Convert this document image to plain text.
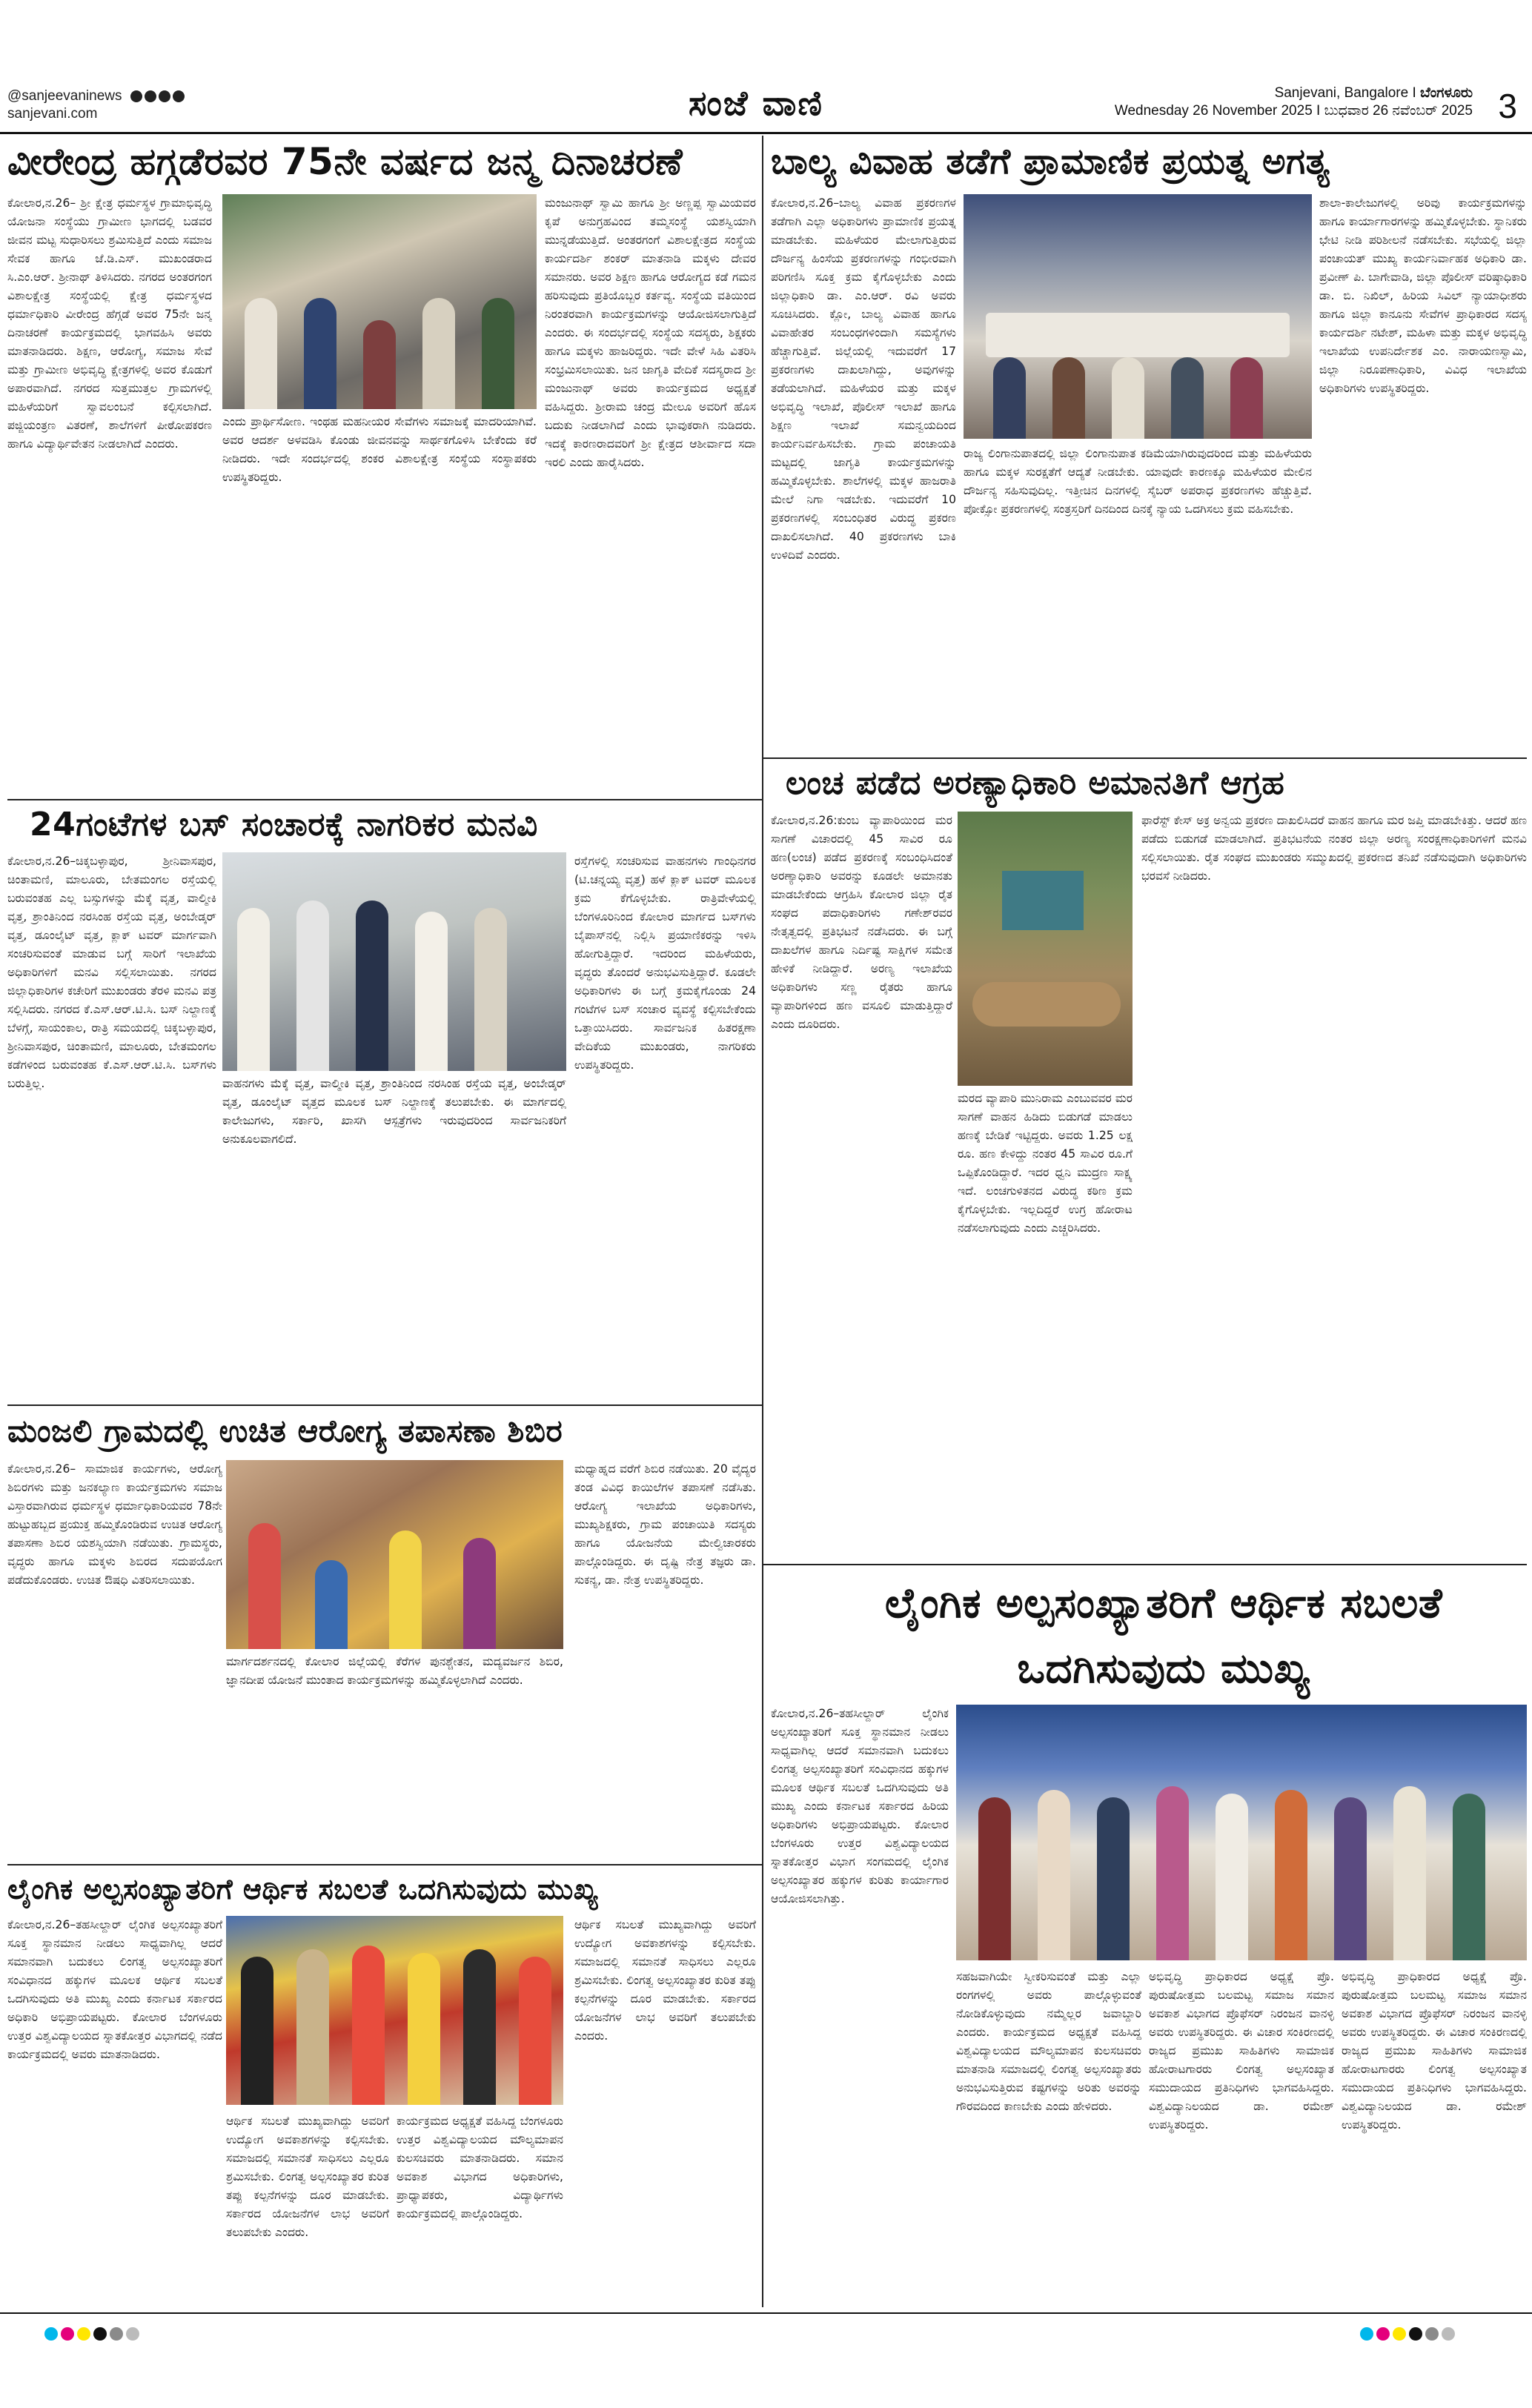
@sanjeevaninews
sanjevani.com	ಸಂಜೆ ವಾಣಿ	Sanjevani, Bangalore I ಬೆಂಗಳೂರು
Wednesday 26 November 2025 I ಬುಧವಾರ 26 ನವೆಂಬರ್ 2025 3
ವೀರೇಂದ್ರ ಹಗ್ಗಡೆರವರ 75ನೇ ವರ್ಷದ ಜನ್ಮ ದಿನಾಚರಣೆ
ಕೋಲಾರ,ನ.26– ಶ್ರೀ ಕ್ಷೇತ್ರ ಧರ್ಮಸ್ಥಳ ಗ್ರಾಮಾಭಿವೃದ್ಧಿ ಯೋಜನಾ ಸಂಸ್ಥೆಯು ಗ್ರಾಮೀಣ ಭಾಗದಲ್ಲಿ ಬಡವರ ಜೀವನ ಮಟ್ಟ ಸುಧಾರಿಸಲು ಶ್ರಮಿಸುತ್ತಿದೆ ಎಂದು ಸಮಾಜ ಸೇವಕ ಹಾಗೂ ಜೆ.ಡಿ.ಎಸ್. ಮುಖಂಡರಾದ ಸಿ.ಎಂ.ಆರ್. ಶ್ರೀನಾಥ್ ತಿಳಿಸಿದರು. ನಗರದ ಅಂತರಗಂಗ ವಿಶಾಲಕ್ಷೇತ್ರ ಸಂಸ್ಥೆಯಲ್ಲಿ ಕ್ಷೇತ್ರ ಧರ್ಮಸ್ಥಳದ ಧರ್ಮಾಧಿಕಾರಿ ವೀರೇಂದ್ರ ಹೆಗ್ಗಡೆ ಅವರ 75ನೇ ಜನ್ಮ ದಿನಾಚರಣೆ ಕಾರ್ಯಕ್ರಮದಲ್ಲಿ ಭಾಗವಹಿಸಿ ಅವರು ಮಾತನಾಡಿದರು. ಶಿಕ್ಷಣ, ಆರೋಗ್ಯ, ಸಮಾಜ ಸೇವೆ ಮತ್ತು ಗ್ರಾಮೀಣ ಅಭಿವೃದ್ಧಿ ಕ್ಷೇತ್ರಗಳಲ್ಲಿ ಅವರ ಕೊಡುಗೆ ಅಪಾರವಾಗಿದೆ. ನಗರದ ಸುತ್ತಮುತ್ತಲ ಗ್ರಾಮಗಳಲ್ಲಿ ಮಹಿಳೆಯರಿಗೆ ಸ್ವಾವಲಂಬನೆ ಕಲ್ಪಿಸಲಾಗಿದೆ. ಪಜ್ಜಿಯಂತ್ರಣ ವಿತರಣೆ, ಶಾಲೆಗಳಿಗೆ ಪೀಠೋಪಕರಣ ಹಾಗೂ ವಿದ್ಯಾರ್ಥಿವೇತನ ನೀಡಲಾಗಿದೆ ಎಂದರು.
ಎಂದು ಪ್ರಾರ್ಥಿಸೋಣ. ಇಂಥಹ ಮಹನೀಯರ ಸೇವೆಗಳು ಸಮಾಜಕ್ಕೆ ಮಾದರಿಯಾಗಿವೆ. ಅವರ ಆದರ್ಶ ಅಳವಡಿಸಿ ಕೊಂಡು ಜೀವನವನ್ನು ಸಾರ್ಥಕಗೊಳಿಸಿ ಬೇಕೆಂದು ಕರೆ ನೀಡಿದರು. ಇದೇ ಸಂದರ್ಭದಲ್ಲಿ ಶಂಕರ ವಿಶಾಲಕ್ಷೇತ್ರ ಸಂಸ್ಥೆಯ ಸಂಸ್ಥಾಪಕರು ಉಪಸ್ಥಿತರಿದ್ದರು.
ಮಂಜುನಾಥ್ ಸ್ವಾಮಿ ಹಾಗೂ ಶ್ರೀ ಅಣ್ಣಪ್ಪ ಸ್ವಾಮಿಯವರ ಕೃಪೆ ಅನುಗ್ರಹವಿಂದ ತಮ್ಮಸಂಸ್ಥೆ ಯಶಸ್ವಿಯಾಗಿ ಮುನ್ನಡೆಯುತ್ತಿದೆ. ಅಂತರಗಂಗೆ ವಿಶಾಲಕ್ಷೇತ್ರದ ಸಂಸ್ಥೆಯ ಕಾರ್ಯದರ್ಶಿ ಶಂಕರ್ ಮಾತನಾಡಿ ಮಕ್ಕಳು ದೇವರ ಸಮಾನರು. ಅವರ ಶಿಕ್ಷಣ ಹಾಗೂ ಆರೋಗ್ಯದ ಕಡೆ ಗಮನ ಹರಿಸುವುದು ಪ್ರತಿಯೊಬ್ಬರ ಕರ್ತವ್ಯ. ಸಂಸ್ಥೆಯ ವತಿಯಿಂದ ನಿರಂತರವಾಗಿ ಕಾರ್ಯಕ್ರಮಗಳನ್ನು ಆಯೋಜಿಸಲಾಗುತ್ತಿದೆ ಎಂದರು. ಈ ಸಂದರ್ಭದಲ್ಲಿ ಸಂಸ್ಥೆಯ ಸದಸ್ಯರು, ಶಿಕ್ಷಕರು ಹಾಗೂ ಮಕ್ಕಳು ಹಾಜರಿದ್ದರು. ಇದೇ ವೇಳೆ ಸಿಹಿ ವಿತರಿಸಿ ಸಂಭ್ರಮಿಸಲಾಯಿತು. ಜನ ಜಾಗೃತಿ ವೇದಿಕೆ ಸದಸ್ಯರಾದ ಶ್ರೀ ಮಂಜುನಾಥ್ ಅವರು ಕಾರ್ಯಕ್ರಮದ ಅಧ್ಯಕ್ಷತೆ ವಹಿಸಿದ್ದರು. ಶ್ರೀರಾಮ ಚಂದ್ರ ಮೇಲೂ ಅವರಿಗೆ ಹೊಸ ಬದುಕು ನೀಡಲಾಗಿದೆ ಎಂದು ಭಾವುಕರಾಗಿ ನುಡಿದರು. ಇದಕ್ಕೆ ಕಾರಣರಾದವರಿಗೆ ಶ್ರೀ ಕ್ಷೇತ್ರದ ಆಶೀರ್ವಾದ ಸದಾ ಇರಲಿ ಎಂದು ಹಾರೈಸಿದರು.
ಬಾಲ್ಯ ವಿವಾಹ ತಡೆಗೆ ಪ್ರಾಮಾಣಿಕ ಪ್ರಯತ್ನ ಅಗತ್ಯ
ಕೋಲಾರ,ನ.26–ಬಾಲ್ಯ ವಿವಾಹ ಪ್ರಕರಣಗಳ ತಡೆಗಾಗಿ ಎಲ್ಲಾ ಅಧಿಕಾರಿಗಳು ಪ್ರಾಮಾಣಿಕ ಪ್ರಯತ್ನ ಮಾಡಬೇಕು. ಮಹಿಳೆಯರ ಮೇಲಾಗುತ್ತಿರುವ ದೌರ್ಜನ್ಯ ಹಿಂಸೆಯ ಪ್ರಕರಣಗಳನ್ನು ಗಂಭೀರವಾಗಿ ಪರಿಗಣಿಸಿ ಸೂಕ್ತ ಕ್ರಮ ಕೈಗೊಳ್ಳಬೇಕು ಎಂದು ಜಿಲ್ಲಾಧಿಕಾರಿ ಡಾ. ಎಂ.ಆರ್. ರವಿ ಅವರು ಸೂಚಿಸಿದರು. ಕ್ಲೋ, ಬಾಲ್ಯ ವಿವಾಹ ಹಾಗೂ ವಿವಾಹೇತರ ಸಂಬಂಧಗಳಿಂದಾಗಿ ಸಮಸ್ಯೆಗಳು ಹೆಚ್ಚಾಗುತ್ತಿವೆ. ಜಿಲ್ಲೆಯಲ್ಲಿ ಇದುವರೆಗೆ 17 ಪ್ರಕರಣಗಳು ದಾಖಲಾಗಿದ್ದು, ಅವುಗಳನ್ನು ತಡೆಯಲಾಗಿದೆ. ಮಹಿಳೆಯರ ಮತ್ತು ಮಕ್ಕಳ ಅಭಿವೃದ್ಧಿ ಇಲಾಖೆ, ಪೊಲೀಸ್ ಇಲಾಖೆ ಹಾಗೂ ಶಿಕ್ಷಣ ಇಲಾಖೆ ಸಮನ್ವಯದಿಂದ ಕಾರ್ಯನಿರ್ವಹಿಸಬೇಕು. ಗ್ರಾಮ ಪಂಚಾಯತಿ ಮಟ್ಟದಲ್ಲಿ ಜಾಗೃತಿ ಕಾರ್ಯಕ್ರಮಗಳನ್ನು ಹಮ್ಮಿಕೊಳ್ಳಬೇಕು. ಶಾಲೆಗಳಲ್ಲಿ ಮಕ್ಕಳ ಹಾಜರಾತಿ ಮೇಲೆ ನಿಗಾ ಇಡಬೇಕು. ಇದುವರೆಗೆ 10 ಪ್ರಕರಣಗಳಲ್ಲಿ ಸಂಬಂಧಿತರ ವಿರುದ್ಧ ಪ್ರಕರಣ ದಾಖಲಿಸಲಾಗಿದೆ. 40 ಪ್ರಕರಣಗಳು ಬಾಕಿ ಉಳಿದಿವೆ ಎಂದರು.
ರಾಜ್ಯ ಲಿಂಗಾನುಪಾತದಲ್ಲಿ ಜಿಲ್ಲಾ ಲಿಂಗಾನುಪಾತ ಕಡಿಮೆಯಾಗಿರುವುದರಿಂದ ಮತ್ತು ಮಹಿಳೆಯರು ಹಾಗೂ ಮಕ್ಕಳ ಸುರಕ್ಷತೆಗೆ ಆದ್ಯತೆ ನೀಡಬೇಕು. ಯಾವುದೇ ಕಾರಣಕ್ಕೂ ಮಹಿಳೆಯರ ಮೇಲಿನ ದೌರ್ಜನ್ಯ ಸಹಿಸುವುದಿಲ್ಲ. ಇತ್ತೀಚಿನ ದಿನಗಳಲ್ಲಿ ಸೈಬರ್ ಅಪರಾಧ ಪ್ರಕರಣಗಳು ಹೆಚ್ಚುತ್ತಿವೆ. ಪೋಕ್ಸೋ ಪ್ರಕರಣಗಳಲ್ಲಿ ಸಂತ್ರಸ್ತರಿಗೆ ದಿನದಿಂದ ದಿನಕ್ಕೆ ನ್ಯಾಯ ಒದಗಿಸಲು ಕ್ರಮ ವಹಿಸಬೇಕು.
ಶಾಲಾ-ಕಾಲೇಜುಗಳಲ್ಲಿ ಅರಿವು ಕಾರ್ಯಕ್ರಮಗಳನ್ನು ಹಾಗೂ ಕಾರ್ಯಾಗಾರಗಳನ್ನು ಹಮ್ಮಿಕೊಳ್ಳಬೇಕು. ಸ್ಥಾನಿಕರು ಭೇಟಿ ನೀಡಿ ಪರಿಶೀಲನೆ ನಡೆಸಬೇಕು. ಸಭೆಯಲ್ಲಿ ಜಿಲ್ಲಾ ಪಂಚಾಯತ್ ಮುಖ್ಯ ಕಾರ್ಯನಿರ್ವಾಹಕ ಅಧಿಕಾರಿ ಡಾ. ಪ್ರವೀಣ್ ಪಿ. ಬಾಗೇವಾಡಿ, ಜಿಲ್ಲಾ ಪೊಲೀಸ್ ವರಿಷ್ಠಾಧಿಕಾರಿ ಡಾ. ಬಿ. ನಿಖಿಲ್, ಹಿರಿಯ ಸಿವಿಲ್ ನ್ಯಾಯಾಧೀಶರು ಹಾಗೂ ಜಿಲ್ಲಾ ಕಾನೂನು ಸೇವೆಗಳ ಪ್ರಾಧಿಕಾರದ ಸದಸ್ಯ ಕಾರ್ಯದರ್ಶಿ ನಟೇಶ್, ಮಹಿಳಾ ಮತ್ತು ಮಕ್ಕಳ ಅಭಿವೃದ್ಧಿ ಇಲಾಖೆಯ ಉಪನಿರ್ದೇಶಕ ಎಂ. ನಾರಾಯಣಸ್ವಾಮಿ, ಜಿಲ್ಲಾ ನಿರೂಪಣಾಧಿಕಾರಿ, ವಿವಿಧ ಇಲಾಖೆಯ ಅಧಿಕಾರಿಗಳು ಉಪಸ್ಥಿತರಿದ್ದರು.
24ಗಂಟೆಗಳ ಬಸ್ ಸಂಚಾರಕ್ಕೆ ನಾಗರಿಕರ ಮನವಿ
ಕೋಲಾರ,ನ.26–ಚಿಕ್ಕಬಳ್ಳಾಪುರ, ಶ್ರೀನಿವಾಸಪುರ, ಚಿಂತಾಮಣಿ, ಮಾಲೂರು, ಬೇತಮಂಗಲ ರಸ್ತೆಯಲ್ಲಿ ಬರುವಂತಹ ಎಲ್ಲ ಬಸ್ಸುಗಳನ್ನು ಮೆಕ್ಕೆ ವೃತ್ತ, ವಾಲ್ಮೀಕಿ ವೃತ್ತ, ಶ್ರಾಂತಿನಿಂದ ನರಸಿಂಹ ರಸ್ತೆಯ ವೃತ್ತ, ಅಂಬೇಡ್ಕರ್ ವೃತ್ತ, ಡೂಂಲೈಟ್ ವೃತ್ತ, ಕ್ಲಾಕ್ ಟವರ್ ಮಾರ್ಗವಾಗಿ ಸಂಚರಿಸುವಂತೆ ಮಾಡುವ ಬಗ್ಗೆ ಸಾರಿಗೆ ಇಲಾಖೆಯ ಅಧಿಕಾರಿಗಳಿಗೆ ಮನವಿ ಸಲ್ಲಿಸಲಾಯಿತು. ನಗರದ ಜಿಲ್ಲಾಧಿಕಾರಿಗಳ ಕಚೇರಿಗೆ ಮುಖಂಡರು ತೆರಳಿ ಮನವಿ ಪತ್ರ ಸಲ್ಲಿಸಿದರು. ನಗರದ ಕೆ.ಎಸ್.ಆರ್.ಟಿ.ಸಿ. ಬಸ್ ನಿಲ್ದಾಣಕ್ಕೆ ಬೆಳಗ್ಗೆ, ಸಾಯಂಕಾಲ, ರಾತ್ರಿ ಸಮಯದಲ್ಲಿ ಚಿಕ್ಕಬಳ್ಳಾಪುರ, ಶ್ರೀನಿವಾಸಪುರ, ಚಿಂತಾಮಣಿ, ಮಾಲೂರು, ಬೇತಮಂಗಲ ಕಡೆಗಳಿಂದ ಬರುವಂತಹ ಕೆ.ಎಸ್.ಆರ್.ಟಿ.ಸಿ. ಬಸ್‌ಗಳು ಬರುತ್ತಿಲ್ಲ.	ವಾಹನಗಳು ಮೆಕ್ಕೆ ವೃತ್ತ, ವಾಲ್ಮೀಕಿ ವೃತ್ತ, ಶ್ರಾಂತಿನಿಂದ ನರಸಿಂಹ ರಸ್ತೆಯ ವೃತ್ತ, ಅಂಬೇಡ್ಕರ್ ವೃತ್ತ, ಡೂಂಲೈಟ್ ವೃತ್ತದ ಮೂಲಕ ಬಸ್ ನಿಲ್ದಾಣಕ್ಕೆ ತಲುಪಬೇಕು. ಈ ಮಾರ್ಗದಲ್ಲಿ ಕಾಲೇಜುಗಳು, ಸರ್ಕಾರಿ, ಖಾಸಗಿ ಆಸ್ಪತ್ರೆಗಳು ಇರುವುದರಿಂದ ಸಾರ್ವಜನಿಕರಿಗೆ ಅನುಕೂಲವಾಗಲಿದೆ.
ರಸ್ತೆಗಳಲ್ಲಿ ಸಂಚರಿಸುವ ವಾಹನಗಳು ಗಾಂಧಿನಗರ (ಟಿ.ಚನ್ನಯ್ಯ ವೃತ್ತ) ಹಳೆ ಕ್ಲಾಕ್ ಟವರ್ ಮೂಲಕ ಕ್ರಮ ಕೆಗೊಳ್ಳಬೇಕು. ರಾತ್ರಿವೇಳೆಯಲ್ಲಿ ಬೆಂಗಳೂರಿನಿಂದ ಕೋಲಾರ ಮಾರ್ಗದ ಬಸ್‌ಗಳು ಬೈಪಾಸ್‌ನಲ್ಲಿ ನಿಲ್ಲಿಸಿ ಪ್ರಯಾಣಿಕರನ್ನು ಇಳಿಸಿ ಹೋಗುತ್ತಿದ್ದಾರೆ. ಇದರಿಂದ ಮಹಿಳೆಯರು, ವೃದ್ಧರು ತೊಂದರೆ ಅನುಭವಿಸುತ್ತಿದ್ದಾರೆ. ಕೂಡಲೇ ಅಧಿಕಾರಿಗಳು ಈ ಬಗ್ಗೆ ಕ್ರಮಕೈಗೊಂಡು 24 ಗಂಟೆಗಳ ಬಸ್ ಸಂಚಾರ ವ್ಯವಸ್ಥೆ ಕಲ್ಪಿಸಬೇಕೆಂದು ಒತ್ತಾಯಿಸಿದರು. ಸಾರ್ವಜನಿಕ ಹಿತರಕ್ಷಣಾ ವೇದಿಕೆಯ ಮುಖಂಡರು, ನಾಗರಿಕರು ಉಪಸ್ಥಿತರಿದ್ದರು.
ಲಂಚ ಪಡೆದ ಅರಣ್ಯಾಧಿಕಾರಿ ಅಮಾನತಿಗೆ ಆಗ್ರಹ
ಕೋಲಾರ,ನ.26:ಕುಂಬ ವ್ಯಾಪಾರಿಯಿಂದ ಮರ ಸಾಗಣೆ ವಿಚಾರದಲ್ಲಿ 45 ಸಾವಿರ ರೂ ಹಣ(ಲಂಚ) ಪಡೆದ ಪ್ರಕರಣಕ್ಕೆ ಸಂಬಂಧಿಸಿದಂತೆ ಅರಣ್ಯಾಧಿಕಾರಿ ಅವರನ್ನು ಕೂಡಲೇ ಅಮಾನತು ಮಾಡಬೇಕೆಂದು ಆಗ್ರಹಿಸಿ ಕೋಲಾರ ಜಿಲ್ಲಾ ರೈತ ಸಂಘದ ಪದಾಧಿಕಾರಿಗಳು ಗಣೇಶ್‌ರವರ ನೇತೃತ್ವದಲ್ಲಿ ಪ್ರತಿಭಟನೆ ನಡೆಸಿದರು. ಈ ಬಗ್ಗೆ ದಾಖಲೆಗಳ ಹಾಗೂ ನಿರ್ದಿಷ್ಟ ಸಾಕ್ಷಿಗಳ ಸಮೇತ ಹೇಳಿಕೆ ನೀಡಿದ್ದಾರೆ. ಅರಣ್ಯ ಇಲಾಖೆಯ ಅಧಿಕಾರಿಗಳು ಸಣ್ಣ ರೈತರು ಹಾಗೂ ವ್ಯಾಪಾರಿಗಳಿಂದ ಹಣ ವಸೂಲಿ ಮಾಡುತ್ತಿದ್ದಾರೆ ಎಂದು ದೂರಿದರು.
ಮರದ ವ್ಯಾಪಾರಿ ಮುನಿರಾಮ ಎಂಬುವವರ ಮರ ಸಾಗಣೆ ವಾಹನ ಹಿಡಿದು ಬಿಡುಗಡೆ ಮಾಡಲು ಹಣಕ್ಕೆ ಬೇಡಿಕೆ ಇಟ್ಟಿದ್ದರು. ಅವರು 1.25 ಲಕ್ಷ ರೂ. ಹಣ ಕೇಳಿದ್ದು ನಂತರ 45 ಸಾವಿರ ರೂ.ಗೆ ಒಪ್ಪಿಕೊಂಡಿದ್ದಾರೆ. ಇದರ ಧ್ವನಿ ಮುದ್ರಣ ಸಾಕ್ಷ್ಯ ಇದೆ. ಲಂಚಗುಳಿತನದ ವಿರುದ್ಧ ಕಠಿಣ ಕ್ರಮ ಕೈಗೊಳ್ಳಬೇಕು. ಇಲ್ಲದಿದ್ದರೆ ಉಗ್ರ ಹೋರಾಟ ನಡೆಸಲಾಗುವುದು ಎಂದು ಎಚ್ಚರಿಸಿದರು.
ಫಾರೆಸ್ಟ್ ಕೇಸ್ ಅಕ್ರ ಅನ್ವಯ ಪ್ರಕರಣ ದಾಖಲಿಸಿದರೆ ವಾಹನ ಹಾಗೂ ಮರ ಜಪ್ತಿ ಮಾಡಬೇಕಿತ್ತು. ಆದರೆ ಹಣ ಪಡೆದು ಬಿಡುಗಡೆ ಮಾಡಲಾಗಿದೆ. ಪ್ರತಿಭಟನೆಯ ನಂತರ ಜಿಲ್ಲಾ ಅರಣ್ಯ ಸಂರಕ್ಷಣಾಧಿಕಾರಿಗಳಿಗೆ ಮನವಿ ಸಲ್ಲಿಸಲಾಯಿತು. ರೈತ ಸಂಘದ ಮುಖಂಡರು ಸಮ್ಮುಖದಲ್ಲಿ ಪ್ರಕರಣದ ತನಿಖೆ ನಡೆಸುವುದಾಗಿ ಅಧಿಕಾರಿಗಳು ಭರವಸೆ ನೀಡಿದರು.
ಮಂಜಲಿ ಗ್ರಾಮದಲ್ಲಿ ಉಚಿತ ಆರೋಗ್ಯ ತಪಾಸಣಾ ಶಿಬಿರ
ಕೋಲಾರ,ನ.26– ಸಾಮಾಜಿಕ ಕಾರ್ಯಗಳು, ಆರೋಗ್ಯ ಶಿಬಿರಗಳು ಮತ್ತು ಜನಕಲ್ಯಾಣ ಕಾರ್ಯಕ್ರಮಗಳು ಸಮಾಜ ವಿಸ್ತಾರವಾಗಿರುವ ಧರ್ಮಸ್ಥಳ ಧರ್ಮಾಧಿಕಾರಿಯವರ 78ನೇ ಹುಟ್ಟುಹಬ್ಬದ ಪ್ರಯುಕ್ತ ಹಮ್ಮಿಕೊಂಡಿರುವ ಉಚಿತ ಆರೋಗ್ಯ ತಪಾಸಣಾ ಶಿಬಿರ ಯಶಸ್ವಿಯಾಗಿ ನಡೆಯಿತು. ಗ್ರಾಮಸ್ಥರು, ವೃದ್ಧರು ಹಾಗೂ ಮಕ್ಕಳು ಶಿಬಿರದ ಸದುಪಯೋಗ ಪಡೆದುಕೊಂಡರು. ಉಚಿತ ಔಷಧಿ ವಿತರಿಸಲಾಯಿತು.
ಮಾರ್ಗದರ್ಶನದಲ್ಲಿ ಕೋಲಾರ ಜಿಲ್ಲೆಯಲ್ಲಿ ಕೆರೆಗಳ ಪುನಶ್ಚೇತನ, ಮದ್ಯವರ್ಜನ ಶಿಬಿರ, ಜ್ಞಾನದೀಪ ಯೋಜನೆ ಮುಂತಾದ ಕಾರ್ಯಕ್ರಮಗಳನ್ನು ಹಮ್ಮಿಕೊಳ್ಳಲಾಗಿದೆ ಎಂದರು.
ಮಧ್ಯಾಹ್ನದ ವರೆಗೆ ಶಿಬಿರ ನಡೆಯಿತು. 20 ವೈದ್ಯರ ತಂಡ ವಿವಿಧ ಕಾಯಿಲೆಗಳ ತಪಾಸಣೆ ನಡೆಸಿತು. ಆರೋಗ್ಯ ಇಲಾಖೆಯ ಅಧಿಕಾರಿಗಳು, ಮುಖ್ಯಶಿಕ್ಷಕರು, ಗ್ರಾಮ ಪಂಚಾಯಿತಿ ಸದಸ್ಯರು ಹಾಗೂ ಯೋಜನೆಯ ಮೇಲ್ವಿಚಾರಕರು ಪಾಲ್ಗೊಂಡಿದ್ದರು. ಈ ದೃಷ್ಟಿ ನೇತ್ರ ತಜ್ಞರು ಡಾ. ಸುಕನ್ಯ, ಡಾ. ನೇತ್ರ ಉಪಸ್ಥಿತರಿದ್ದರು.	ಲೈಂಗಿಕ ಅಲ್ಪಸಂಖ್ಯಾತರಿಗೆ ಆರ್ಥಿಕ ಸಬಲತೆ ಒದಗಿಸುವುದು ಮುಖ್ಯ
ಕೋಲಾರ,ನ.26–ತಹಸೀಲ್ದಾರ್ ಲೈಂಗಿಕ ಅಲ್ಪಸಂಖ್ಯಾತರಿಗೆ ಸೂಕ್ತ ಸ್ಥಾನಮಾನ ನೀಡಲು ಸಾಧ್ಯವಾಗಿಲ್ಲ ಆದರೆ ಸಮಾನವಾಗಿ ಬದುಕಲು ಲಿಂಗತ್ವ ಅಲ್ಪಸಂಖ್ಯಾತರಿಗೆ ಸಂವಿಧಾನದ ಹಕ್ಕುಗಳ ಮೂಲಕ ಆರ್ಥಿಕ ಸಬಲತೆ ಒದಗಿಸುವುದು ಅತಿ ಮುಖ್ಯ ಎಂದು ಕರ್ನಾಟಕ ಸರ್ಕಾರದ ಹಿರಿಯ ಅಧಿಕಾರಿಗಳು ಅಭಿಪ್ರಾಯಪಟ್ಟರು. ಕೋಲಾರ ಬೆಂಗಳೂರು ಉತ್ತರ ವಿಶ್ವವಿದ್ಯಾಲಯದ ಸ್ನಾತಕೋತ್ತರ ವಿಭಾಗ ಸಂಗಮದಲ್ಲಿ ಲೈಂಗಿಕ ಅಲ್ಪಸಂಖ್ಯಾತರ ಹಕ್ಕುಗಳ ಕುರಿತು ಕಾರ್ಯಾಗಾರ ಆಯೋಜಿಸಲಾಗಿತ್ತು.
ಸಹಜವಾಗಿಯೇ ಸ್ವೀಕರಿಸುವಂತೆ ಮತ್ತು ಎಲ್ಲಾ ರಂಗಗಳಲ್ಲಿ ಅವರು ಪಾಲ್ಗೊಳ್ಳುವಂತೆ ನೋಡಿಕೊಳ್ಳುವುದು ನಮ್ಮೆಲ್ಲರ ಜವಾಬ್ದಾರಿ ಎಂದರು. ಕಾರ್ಯಕ್ರಮದ ಅಧ್ಯಕ್ಷತೆ ವಹಿಸಿದ್ದ ವಿಶ್ವವಿದ್ಯಾಲಯದ ಮೌಲ್ಯಮಾಪನ ಕುಲಸಚಿವರು ಮಾತನಾಡಿ ಸಮಾಜದಲ್ಲಿ ಲಿಂಗತ್ವ ಅಲ್ಪಸಂಖ್ಯಾತರು ಅನುಭವಿಸುತ್ತಿರುವ ಕಷ್ಟಗಳನ್ನು ಅರಿತು ಅವರನ್ನು ಗೌರವದಿಂದ ಕಾಣಬೇಕು ಎಂದು ಹೇಳಿದರು.
ಅಭಿವೃದ್ಧಿ ಪ್ರಾಧಿಕಾರದ ಅಧ್ಯಕ್ಷೆ ಪ್ರೊ. ಪುರುಷೋತ್ತಮ ಬಲಮಟ್ಟ ಸಮಾಜ ಸಮಾನ ಅವಕಾಶ ವಿಭಾಗದ ಪ್ರೊಫೆಸರ್ ನಿರಂಜನ ವಾನಳ್ಳಿ ಅವರು ಉಪಸ್ಥಿತರಿದ್ದರು. ಈ ವಿಚಾರ ಸಂಕಿರಣದಲ್ಲಿ ರಾಜ್ಯದ ಪ್ರಮುಖ ಸಾಹಿತಿಗಳು ಸಾಮಾಜಿಕ ಹೋರಾಟಗಾರರು ಲಿಂಗತ್ವ ಅಲ್ಪಸಂಖ್ಯಾತ ಸಮುದಾಯದ ಪ್ರತಿನಿಧಿಗಳು ಭಾಗವಹಿಸಿದ್ದರು. ವಿಶ್ವವಿದ್ಯಾನಿಲಯದ ಡಾ. ರಮೇಶ್ ಉಪಸ್ಥಿತರಿದ್ದರು.
ಅಭಿವೃದ್ಧಿ ಪ್ರಾಧಿಕಾರದ ಅಧ್ಯಕ್ಷೆ ಪ್ರೊ. ಪುರುಷೋತ್ತಮ ಬಲಮಟ್ಟ ಸಮಾಜ ಸಮಾನ ಅವಕಾಶ ವಿಭಾಗದ ಪ್ರೊಫೆಸರ್ ನಿರಂಜನ ವಾನಳ್ಳಿ ಅವರು ಉಪಸ್ಥಿತರಿದ್ದರು. ಈ ವಿಚಾರ ಸಂಕಿರಣದಲ್ಲಿ ರಾಜ್ಯದ ಪ್ರಮುಖ ಸಾಹಿತಿಗಳು ಸಾಮಾಜಿಕ ಹೋರಾಟಗಾರರು ಲಿಂಗತ್ವ ಅಲ್ಪಸಂಖ್ಯಾತ ಸಮುದಾಯದ ಪ್ರತಿನಿಧಿಗಳು ಭಾಗವಹಿಸಿದ್ದರು. ವಿಶ್ವವಿದ್ಯಾನಿಲಯದ ಡಾ. ರಮೇಶ್ ಉಪಸ್ಥಿತರಿದ್ದರು.
ಲೈಂಗಿಕ ಅಲ್ಪಸಂಖ್ಯಾತರಿಗೆ ಆರ್ಥಿಕ ಸಬಲತೆ ಒದಗಿಸುವುದು ಮುಖ್ಯ
ಕೋಲಾರ,ನ.26–ತಹಸೀಲ್ದಾರ್ ಲೈಂಗಿಕ ಅಲ್ಪಸಂಖ್ಯಾತರಿಗೆ ಸೂಕ್ತ ಸ್ಥಾನಮಾನ ನೀಡಲು ಸಾಧ್ಯವಾಗಿಲ್ಲ ಆದರೆ ಸಮಾನವಾಗಿ ಬದುಕಲು ಲಿಂಗತ್ವ ಅಲ್ಪಸಂಖ್ಯಾತರಿಗೆ ಸಂವಿಧಾನದ ಹಕ್ಕುಗಳ ಮೂಲಕ ಆರ್ಥಿಕ ಸಬಲತೆ ಒದಗಿಸುವುದು ಅತಿ ಮುಖ್ಯ ಎಂದು ಕರ್ನಾಟಕ ಸರ್ಕಾರದ ಅಧಿಕಾರಿ ಅಭಿಪ್ರಾಯಪಟ್ಟರು. ಕೋಲಾರ ಬೆಂಗಳೂರು ಉತ್ತರ ವಿಶ್ವವಿದ್ಯಾಲಯದ ಸ್ನಾತಕೋತ್ತರ ವಿಭಾಗದಲ್ಲಿ ನಡೆದ ಕಾರ್ಯಕ್ರಮದಲ್ಲಿ ಅವರು ಮಾತನಾಡಿದರು.
ಆರ್ಥಿಕ ಸಬಲತೆ ಮುಖ್ಯವಾಗಿದ್ದು ಅವರಿಗೆ ಉದ್ಯೋಗ ಅವಕಾಶಗಳನ್ನು ಕಲ್ಪಿಸಬೇಕು. ಸಮಾಜದಲ್ಲಿ ಸಮಾನತೆ ಸಾಧಿಸಲು ಎಲ್ಲರೂ ಶ್ರಮಿಸಬೇಕು. ಲಿಂಗತ್ವ ಅಲ್ಪಸಂಖ್ಯಾತರ ಕುರಿತ ತಪ್ಪು ಕಲ್ಪನೆಗಳನ್ನು ದೂರ ಮಾಡಬೇಕು. ಸರ್ಕಾರದ ಯೋಜನೆಗಳ ಲಾಭ ಅವರಿಗೆ ತಲುಪಬೇಕು ಎಂದರು.
ಕಾರ್ಯಕ್ರಮದ ಅಧ್ಯಕ್ಷತೆ ವಹಿಸಿದ್ದ ಬೆಂಗಳೂರು ಉತ್ತರ ವಿಶ್ವವಿದ್ಯಾಲಯದ ಮೌಲ್ಯಮಾಪನ ಕುಲಸಚಿವರು ಮಾತನಾಡಿದರು. ಸಮಾನ ಅವಕಾಶ ವಿಭಾಗದ ಅಧಿಕಾರಿಗಳು, ಪ್ರಾಧ್ಯಾಪಕರು, ವಿದ್ಯಾರ್ಥಿಗಳು ಕಾರ್ಯಕ್ರಮದಲ್ಲಿ ಪಾಲ್ಗೊಂಡಿದ್ದರು.
ಆರ್ಥಿಕ ಸಬಲತೆ ಮುಖ್ಯವಾಗಿದ್ದು ಅವರಿಗೆ ಉದ್ಯೋಗ ಅವಕಾಶಗಳನ್ನು ಕಲ್ಪಿಸಬೇಕು. ಸಮಾಜದಲ್ಲಿ ಸಮಾನತೆ ಸಾಧಿಸಲು ಎಲ್ಲರೂ ಶ್ರಮಿಸಬೇಕು. ಲಿಂಗತ್ವ ಅಲ್ಪಸಂಖ್ಯಾತರ ಕುರಿತ ತಪ್ಪು ಕಲ್ಪನೆಗಳನ್ನು ದೂರ ಮಾಡಬೇಕು. ಸರ್ಕಾರದ ಯೋಜನೆಗಳ ಲಾಭ ಅವರಿಗೆ ತಲುಪಬೇಕು ಎಂದರು.
